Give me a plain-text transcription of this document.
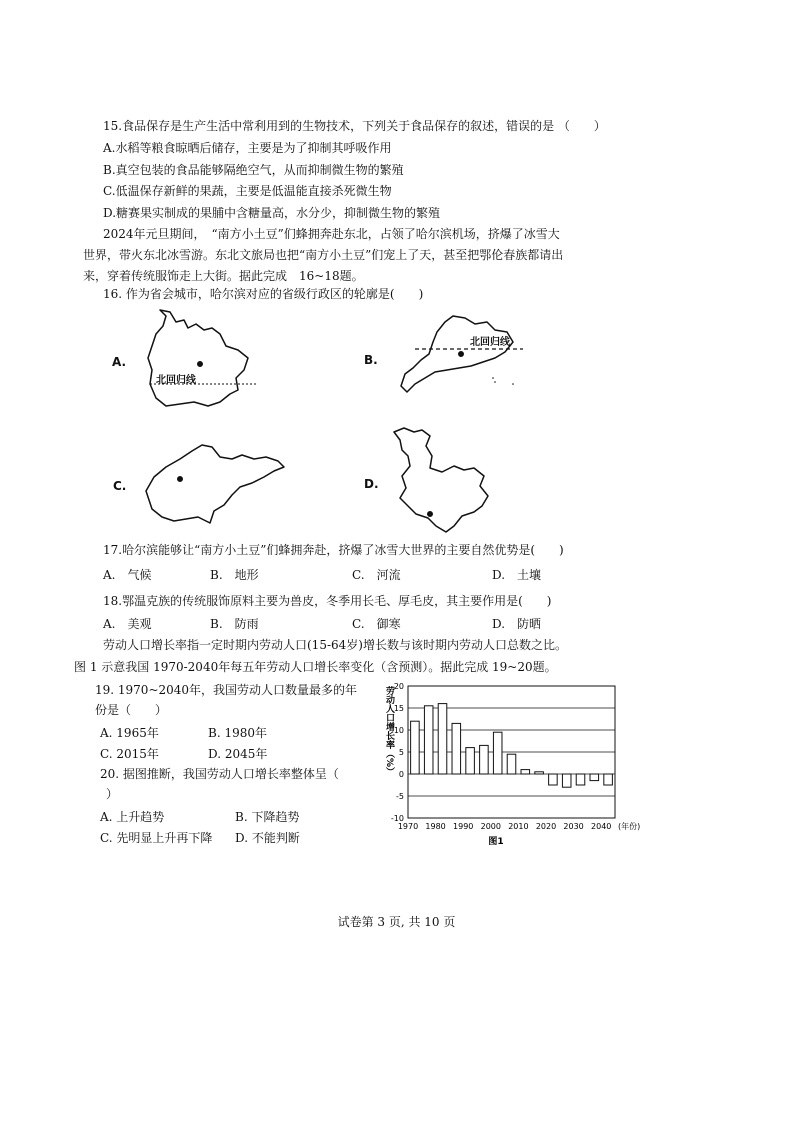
15.食品保存是生产生活中常利用到的生物技术，下列关于食品保存的叙述，错误的是 （　　）
A.水稻等粮食晾晒后储存，主要是为了抑制其呼吸作用
B.真空包装的食品能够隔绝空气，从而抑制微生物的繁殖
C.低温保存新鲜的果蔬，主要是低温能直接杀死微生物
D.糖赛果实制成的果脯中含糖量高，水分少，抑制微生物的繁殖
2024年元旦期间，　“南方小土豆”们蜂拥奔赴东北，占领了哈尔滨机场，挤爆了冰雪大
世界，带火东北冰雪游。东北文旅局也把“南方小土豆”们宠上了天，甚至把鄂伦春族都请出
来，穿着传统服饰走上大街。据此完成　16~18题。
16. 作为省会城市，哈尔滨对应的省级行政区的轮廓是(　　)
A.
北回归线
B.
北回归线
C.	D.
17.哈尔滨能够让“南方小土豆”们蜂拥奔赴，挤爆了冰雪大世界的主要自然优势是(　　)
A.　气候	B.　地形	C.　河流	D.　土壤
18.鄂温克族的传统服饰原料主要为兽皮，冬季用长毛、厚毛皮，其主要作用是(　　)
A.　美观	B.　防雨	C.　御寒	D.　防晒
劳动人口增长率指一定时期内劳动人口(15-64岁)增长数与该时期内劳动人口总数之比。
图 1 示意我国 1970-2040年每五年劳动人口增长率变化（含预测）。据此完成 19~20题。
19. 1970~2040年，我国劳动人口数量最多的年
份是（　　）
A. 1965年	B. 1980年
C. 2015年	D. 2045年
20. 据图推断，我国劳动人口增长率整体呈（
）
A. 上升趋势	B. 下降趋势
C. 先明显上升再下降 D. 不能判断
20
15
10
5
0
-5
-10
1970 1980 1990 2000 2010 2020 2030 2040 (年份)
劳动人口增长率（%）
图1
试卷第 3 页, 共 10 页
